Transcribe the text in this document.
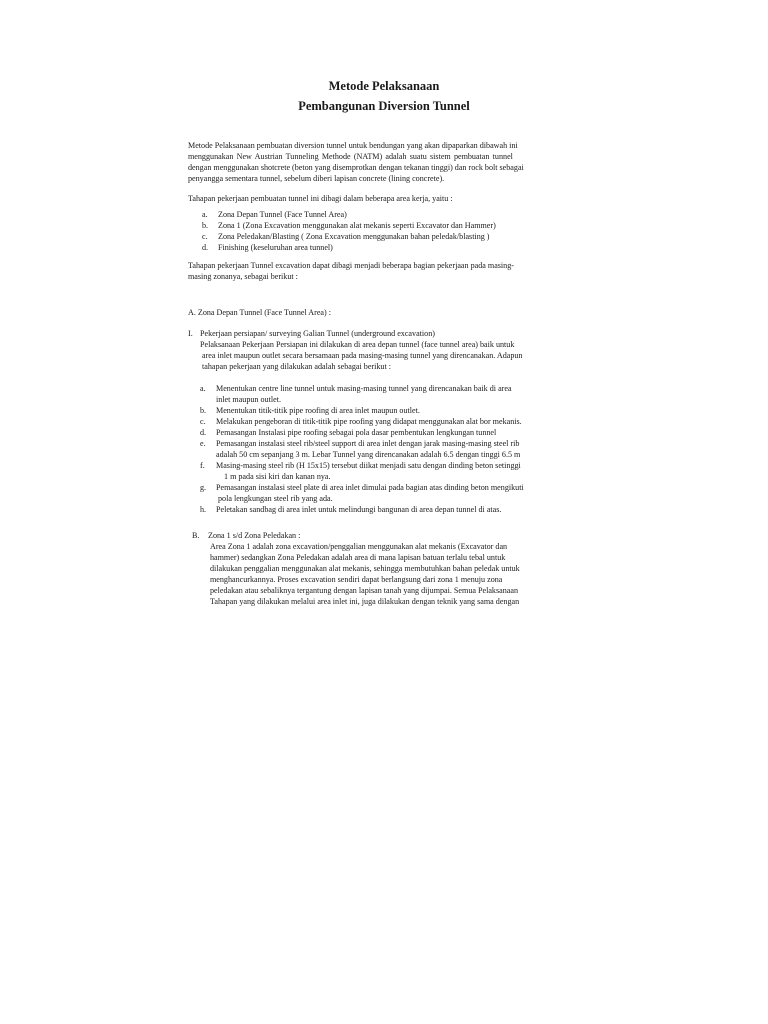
Metode Pelaksanaan
Pembangunan Diversion Tunnel
Metode Pelaksanaan pembuatan diversion tunnel untuk bendungan yang akan dipaparkan dibawah ini
menggunakan New Austrian Tunneling Methode (NATM) adalah suatu sistem pembuatan tunnel
dengan menggunakan shotcrete (beton yang disemprotkan dengan tekanan tinggi) dan rock bolt sebagai
penyangga sementara tunnel, sebelum diberi lapisan concrete (lining concrete).
Tahapan pekerjaan pembuatan tunnel ini dibagi dalam beberapa area kerja, yaitu :
a. Zona Depan Tunnel (Face Tunnel Area)
b. Zona 1 (Zona Excavation menggunakan alat mekanis seperti Excavator dan Hammer)
c. Zona Peledakan/Blasting ( Zona Excavation menggunakan bahan peledak/blasting )
d. Finishing (keseluruhan area tunnel)
Tahapan pekerjaan Tunnel excavation dapat dibagi menjadi beberapa bagian pekerjaan pada masing-
masing zonanya, sebagai berikut :
A. Zona Depan Tunnel (Face Tunnel Area) :
I. Pekerjaan persiapan/ surveying Galian Tunnel (underground excavation)
Pelaksanaan Pekerjaan Persiapan ini dilakukan di area depan tunnel (face tunnel area) baik untuk
area inlet maupun outlet secara bersamaan pada masing-masing tunnel yang direncanakan. Adapun
tahapan pekerjaan yang dilakukan adalah sebagai berikut :
a. Menentukan centre line tunnel untuk masing-masing tunnel yang direncanakan baik di area
inlet maupun outlet.
b. Menentukan titik-titik pipe roofing di area inlet maupun outlet.
c. Melakukan pengeboran di titik-titik pipe roofing yang didapat menggunakan alat bor mekanis.
d. Pemasangan Instalasi pipe roofing sebagai pola dasar pembentukan lengkungan tunnel
e. Pemasangan instalasi steel rib/steel support di area inlet dengan jarak masing-masing steel rib
adalah 50 cm sepanjang 3 m. Lebar Tunnel yang direncanakan adalah 6.5 dengan tinggi 6.5 m
f. Masing-masing steel rib (H 15x15) tersebut diikat menjadi satu dengan dinding beton setinggi
1 m pada sisi kiri dan kanan nya.
g. Pemasangan instalasi steel plate di area inlet dimulai pada bagian atas dinding beton mengikuti
pola lengkungan steel rib yang ada.
h. Peletakan sandbag di area inlet untuk melindungi bangunan di area depan tunnel di atas.
B. Zona 1 s/d Zona Peledakan :
Area Zona 1 adalah zona excavation/penggalian menggunakan alat mekanis (Excavator dan
hammer) sedangkan Zona Peledakan adalah area di mana lapisan batuan terlalu tebal untuk
dilakukan penggalian menggunakan alat mekanis, sehingga membutuhkan bahan peledak untuk
menghancurkannya. Proses excavation sendiri dapat berlangsung dari zona 1 menuju zona
peledakan atau sebaliknya tergantung dengan lapisan tanah yang dijumpai. Semua Pelaksanaan
Tahapan yang dilakukan melalui area inlet ini, juga dilakukan dengan teknik yang sama dengan
